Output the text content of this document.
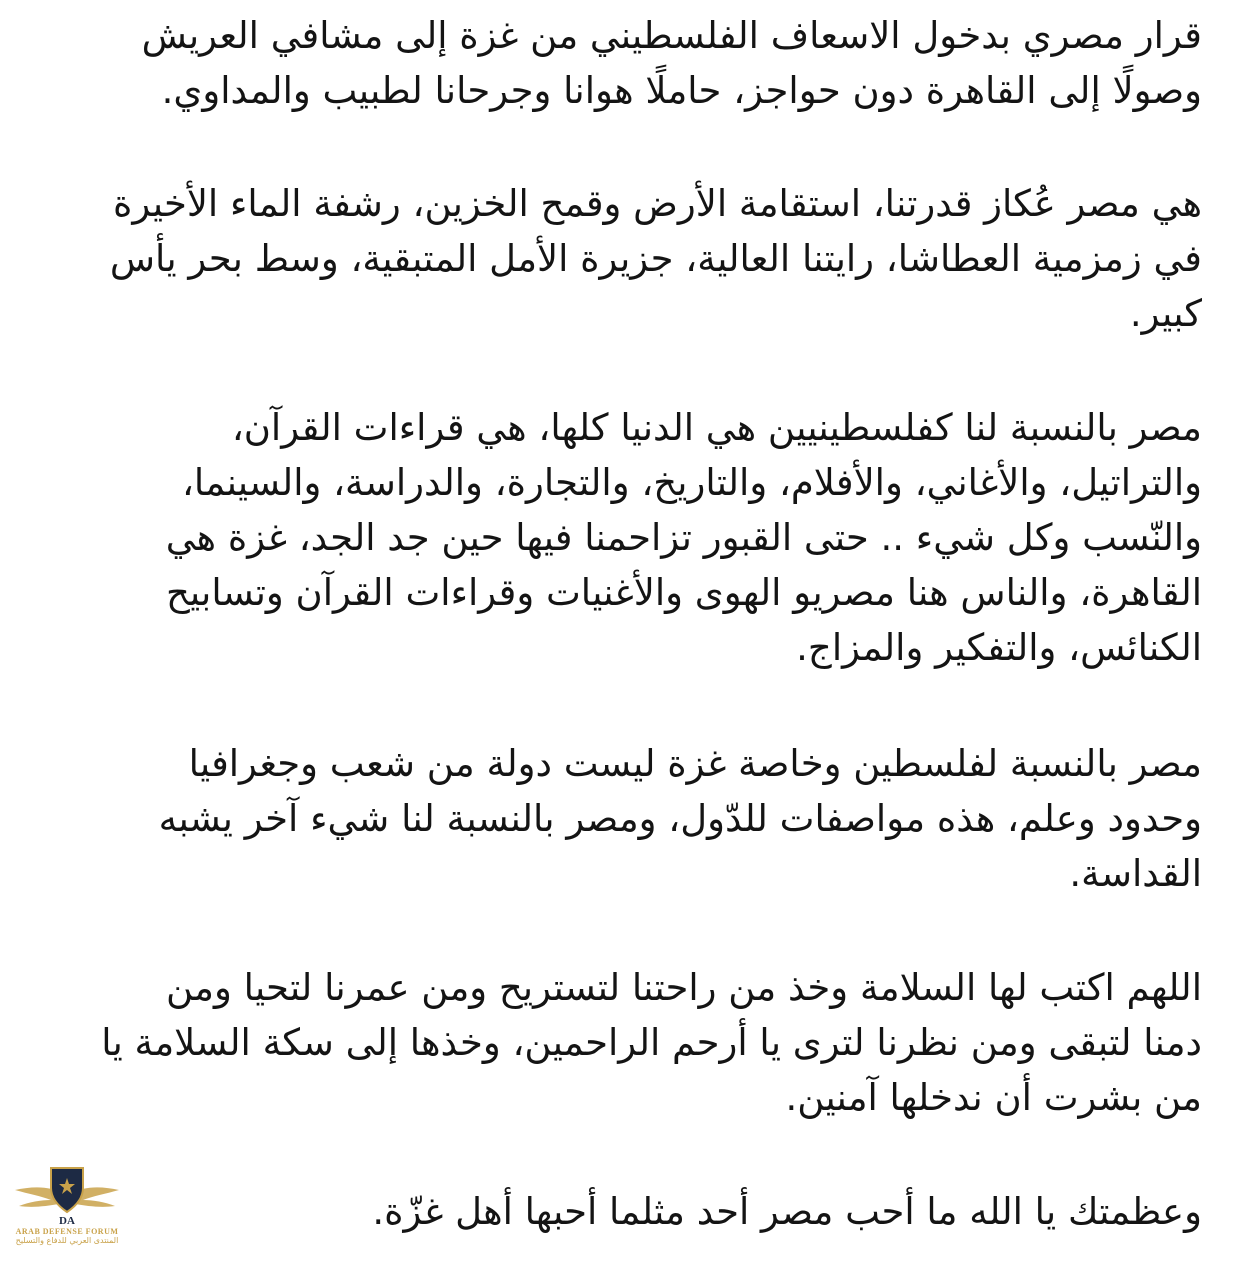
قرار مصري بدخول الاسعاف الفلسطيني من غزة إلى مشافي العريش
وصولًا إلى القاهرة دون حواجز، حاملًا هوانا وجرحانا لطبيب والمداوي.

هي مصر عُكاز قدرتنا، استقامة الأرض وقمح الخزين، رشفة الماء الأخيرة
في زمزمية العطاشا، رايتنا العالية، جزيرة الأمل المتبقية، وسط بحر يأس
كبير.

مصر بالنسبة لنا كفلسطينيين هي الدنيا كلها، هي قراءات القرآن،
والتراتيل، والأغاني، والأفلام، والتاريخ، والتجارة، والدراسة، والسينما،
والنّسب وكل شيء .. حتى القبور تزاحمنا فيها حين جد الجد، غزة هي
القاهرة، والناس هنا مصريو الهوى والأغنيات وقراءات القرآن وتسابيح
الكنائس، والتفكير والمزاج.

مصر بالنسبة لفلسطين وخاصة غزة ليست دولة من شعب وجغرافيا
وحدود وعلم، هذه مواصفات للدّول، ومصر بالنسبة لنا شيء آخر يشبه
القداسة.

اللهم اكتب لها السلامة وخذ من راحتنا لتستريح ومن عمرنا لتحيا ومن
دمنا لتبقى ومن نظرنا لترى يا أرحم الراحمين، وخذها إلى سكة السلامة يا
من بشرت أن ندخلها آمنين.

وعظمتك يا الله ما أحب مصر أحد مثلما أحبها أهل غزّة.

DA
ARAB DEFENSE FORUM
المنتدى العربي للدفاع والتسليح
